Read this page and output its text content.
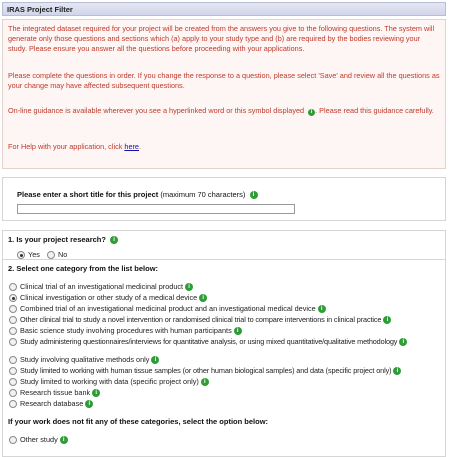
IRAS Project Filter

The integrated dataset required for your project will be created from the answers you give to the following questions. The system will generate only those questions and sections which (a) apply to your study type and (b) are required by the bodies reviewing your study. Please ensure you answer all the questions before proceeding with your applications.

Please complete the questions in order. If you change the response to a question, please select 'Save' and review all the questions as your change may have affected subsequent questions.

On-line guidance is available wherever you see a hyperlinked word or this symbol displayed i . Please read this guidance carefully.

For Help with your application, click here.

Please enter a short title for this project (maximum 70 characters) i
1. Is your project research? i
Yes	No
2. Select one category from the list below:
Clinical trial of an investigational medicinal product i
Clinical investigation or other study of a medical device i
Combined trial of an investigational medicinal product and an investigational medical device i
Other clinical trial to study a novel intervention or randomised clinical trial to compare interventions in clinical practice i
Basic science study involving procedures with human participants i
Study administering questionnaires/interviews for quantitative analysis, or using mixed quantitative/qualitative methodology i
Study involving qualitative methods only i
Study limited to working with human tissue samples (or other human biological samples) and data (specific project only) i
Study limited to working with data (specific project only) i
Research tissue bank i
Research database i
If your work does not fit any of these categories, select the option below:
Other study i
